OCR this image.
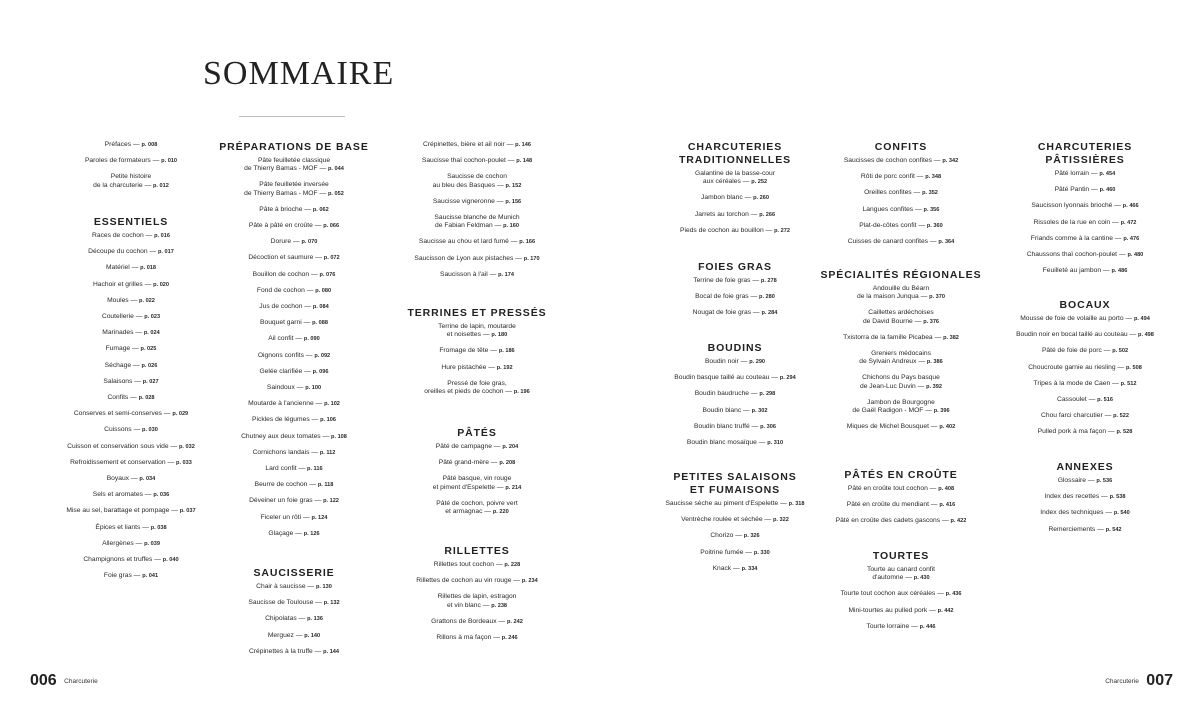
SOMMAIRE
Préfaces — p. 008
Paroles de formateurs — p. 010
Petite histoire
de la charcuterie — p. 012
ESSENTIELS
Races de cochon — p. 016
Découpe du cochon — p. 017
Matériel — p. 018
Hachoir et grilles — p. 020
Moules — p. 022
Coutellerie — p. 023
Marinades — p. 024
Fumage — p. 025
Séchage — p. 026
Salaisons — p. 027
Confits — p. 028
Conserves et semi-conserves — p. 029
Cuissons — p. 030
Cuisson et conservation sous vide — p. 032
Refroidissement et conservation — p. 033
Boyaux — p. 034
Sels et aromates — p. 036
Mise au sel, barattage et pompage — p. 037
Épices et liants — p. 038
Allergènes — p. 039
Champignons et truffes — p. 040
Foie gras — p. 041
PRÉPARATIONS DE BASE
Pâte feuilletée classique
de Thierry Bamas - MOF — p. 044
Pâte feuilletée inversée
de Thierry Bamas - MOF — p. 052
Pâte à brioche — p. 062
Pâte à pâté en croûte — p. 066
Dorure — p. 070
Décoction et saumure — p. 072
Bouillon de cochon — p. 076
Fond de cochon — p. 080
Jus de cochon — p. 084
Bouquet garni — p. 088
Ail confit — p. 090
Oignons confits — p. 092
Gelée clarifiée — p. 096
Saindoux — p. 100
Moutarde à l'ancienne — p. 102
Pickles de légumes — p. 106
Chutney aux deux tomates — p. 108
Cornichons landais — p. 112
Lard confit — p. 116
Beurre de cochon — p. 118
Déveiner un foie gras — p. 122
Ficeler un rôti — p. 124
Glaçage — p. 126
SAUCISSERIE
Chair à saucisse — p. 130
Saucisse de Toulouse — p. 132
Chipolatas — p. 136
Merguez — p. 140
Crépinettes à la truffe — p. 144
Crépinettes, bière et ail noir — p. 146
Saucisse thaï cochon-poulet — p. 148
Saucisse de cochon
au bleu des Basques — p. 152
Saucisse vigneronne — p. 156
Saucisse blanche de Munich
de Fabian Feldman — p. 160
Saucisse au chou et lard fumé — p. 166
Saucisson de Lyon aux pistaches — p. 170
Saucisson à l'ail — p. 174
TERRINES ET PRESSÉS
Terrine de lapin, moutarde
et noisettes — p. 180
Fromage de tête — p. 186
Hure pistachée — p. 192
Pressé de foie gras,
oreilles et pieds de cochon — p. 196
PÂTÉS
Pâté de campagne — p. 204
Pâté grand-mère — p. 208
Pâté basque, vin rouge
et piment d'Espelette — p. 214
Pâté de cochon, poivre vert
et armagnac — p. 220
RILLETTES
Rillettes tout cochon — p. 228
Rillettes de cochon au vin rouge — p. 234
Rillettes de lapin, estragon
et vin blanc — p. 238
Grattons de Bordeaux — p. 242
Rillons à ma façon — p. 246
CHARCUTERIES
TRADITIONNELLES
Galantine de la basse-cour
aux céréales — p. 252
Jambon blanc — p. 260
Jarrets au torchon — p. 266
Pieds de cochon au bouillon — p. 272
FOIES GRAS
Terrine de foie gras — p. 278
Bocal de foie gras — p. 280
Nougat de foie gras — p. 284
BOUDINS
Boudin noir — p. 290
Boudin basque taillé au couteau — p. 294
Boudin baudruche — p. 298
Boudin blanc — p. 302
Boudin blanc truffé — p. 306
Boudin blanc mosaïque — p. 310
PETITES SALAISONS
ET FUMAISONS
Saucisse sèche au piment d'Espelette — p. 318
Ventrèche roulée et séchée — p. 322
Chorizo — p. 326
Poitrine fumée — p. 330
Knack — p. 334
CONFITS
Saucisses de cochon confites — p. 342
Rôti de porc confit — p. 348
Oreilles confites — p. 352
Langues confites — p. 356
Plat-de-côtes confit — p. 360
Cuisses de canard confites — p. 364
SPÉCIALITÉS RÉGIONALES
Andouille du Béarn
de la maison Junqua — p. 370
Caillettes ardéchoises
de David Bourne — p. 376
Txistorra de la famille Picabea — p. 382
Greniers médocains
de Sylvain Andreux — p. 386
Chichons du Pays basque
de Jean-Luc Duvin — p. 392
Jambon de Bourgogne
de Gaël Radigon - MOF — p. 396
Miques de Michel Bousquet — p. 402
PÂTÉS EN CROÛTE
Pâté en croûte tout cochon — p. 408
Pâté en croûte du mendiant — p. 416
Pâté en croûte des cadets gascons — p. 422
TOURTES
Tourte au canard confit
d'automne — p. 430
Tourte tout cochon aux céréales — p. 436
Mini-tourtes au pulled pork — p. 442
Tourte lorraine — p. 446
CHARCUTERIES
PÂTISSIÈRES
Pâté lorrain — p. 454
Pâté Pantin — p. 460
Saucisson lyonnais brioché — p. 466
Rissoles de la rue en coin — p. 472
Friands comme à la cantine — p. 476
Chaussons thaï cochon-poulet — p. 480
Feuilleté au jambon — p. 486
BOCAUX
Mousse de foie de volaille au porto — p. 494
Boudin noir en bocal taillé au couteau — p. 498
Pâté de foie de porc — p. 502
Choucroute garnie au riesling — p. 508
Tripes à la mode de Caen — p. 512
Cassoulet — p. 516
Chou farci charcutier — p. 522
Pulled pork à ma façon — p. 528
ANNEXES
Glossaire — p. 536
Index des recettes — p. 538
Index des techniques — p. 540
Remerciements — p. 542
006 Charcuterie	Charcuterie 007
